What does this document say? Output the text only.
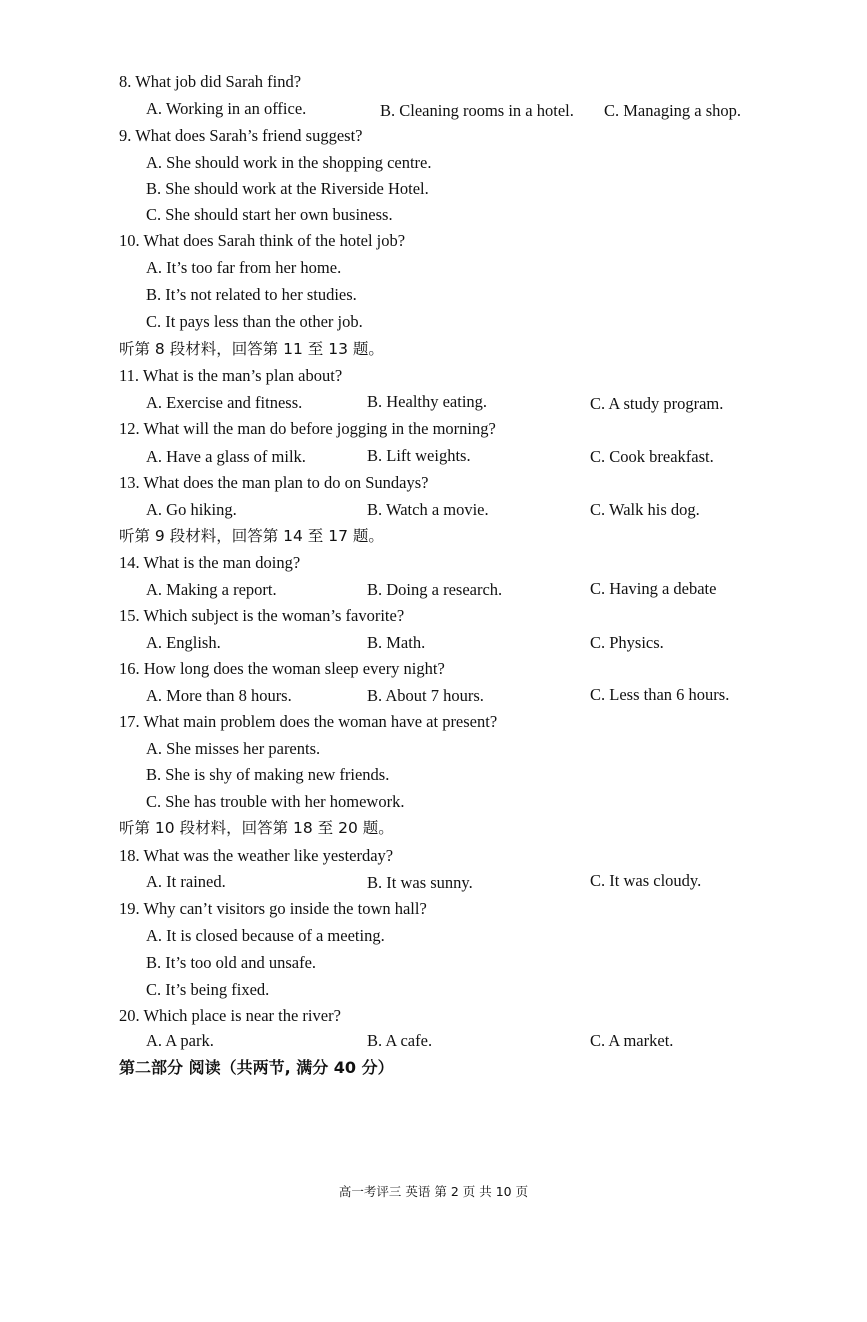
8. What job did Sarah find?
A. Working in an office.	B. Cleaning rooms in a hotel. C. Managing a shop.
9. What does Sarah’s friend suggest?
A. She should work in the shopping centre.
B. She should work at the Riverside Hotel.
C. She should start her own business.
10. What does Sarah think of the hotel job?
A. It’s too far from her home.
B. It’s not related to her studies.
C. It pays less than the other job.
听第 8 段材料，回答第 11 至 13 题。
11. What is the man’s plan about?
A. Exercise and fitness.	B. Healthy eating.	C. A study program.
12. What will the man do before jogging in the morning?
A. Have a glass of milk.	B. Lift weights.	C. Cook breakfast.
13. What does the man plan to do on Sundays?
A. Go hiking.	B. Watch a movie.	C. Walk his dog.
听第 9 段材料，回答第 14 至 17 题。
14. What is the man doing?
A. Making a report.	B. Doing a research.	C. Having a debate
15. Which subject is the woman’s favorite?
A. English.	B. Math.	C. Physics.
16. How long does the woman sleep every night?
A. More than 8 hours.	B. About 7 hours.	C. Less than 6 hours.
17. What main problem does the woman have at present?
A. She misses her parents.
B. She is shy of making new friends.
C. She has trouble with her homework.
听第 10 段材料，回答第 18 至 20 题。
18. What was the weather like yesterday?
A. It rained.	B. It was sunny.	C. It was cloudy.
19. Why can’t visitors go inside the town hall?
A. It is closed because of a meeting.
B. It’s too old and unsafe.
C. It’s being fixed.
20. Which place is near the river?
A. A park.	B. A cafe.	C. A market.
第二部分 阅读（共两节, 满分 40 分）
高一考评三 英语 第 2 页 共 10 页
